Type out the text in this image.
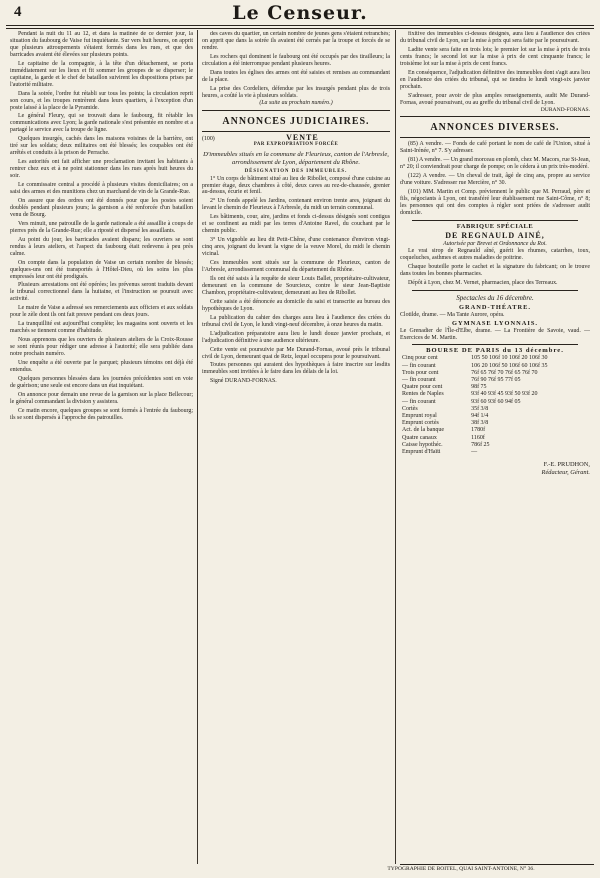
4	Le Censeur.

Pendant la nuit du 11 au 12, et dans la matinée de ce dernier jour, la situation du faubourg de Vaise fut inquiétante. Sur vers huit heures, on apprit que plusieurs attroupements s'étaient formés dans les rues, et que des barricades avaient été élevées sur plusieurs points.

Le capitaine de la compagnie, à la tête d'un détachement, se porta immédiatement sur les lieux et fit sommer les groupes de se disperser; le capitaine, la garde et le chef de bataillon suivirent les dispositions prises par l'autorité militaire.

Dans la soirée, l'ordre fut rétabli sur tous les points; la circulation reprit son cours, et les troupes rentrèrent dans leurs quartiers, à l'exception d'un poste laissé à la place de la Pyramide.

Le général Fleury, qui se trouvait dans le faubourg, fit rétablir les communications avec Lyon; la garde nationale s'est présentée en nombre et a partagé le service avec la troupe de ligne.

Quelques insurgés, cachés dans les maisons voisines de la barrière, ont tiré sur les soldats; deux militaires ont été blessés; les coupables ont été arrêtés et conduits à la prison de Perrache.

Les autorités ont fait afficher une proclamation invitant les habitants à rentrer chez eux et à ne point stationner dans les rues après huit heures du soir.

Le commissaire central a procédé à plusieurs visites domiciliaires; on a saisi des armes et des munitions chez un marchand de vin de la Grande-Rue.

On assure que des ordres ont été donnés pour que les postes soient doublés pendant plusieurs jours; la garnison a été renforcée d'un bataillon venu de Bourg.

Vers minuit, une patrouille de la garde nationale a été assaillie à coups de pierres près de la Grande-Rue; elle a riposté et dispersé les assaillants.

Au point du jour, les barricades avaient disparu; les ouvriers se sont rendus à leurs ateliers, et l'aspect du faubourg était redevenu à peu près calme.

On compte dans la population de Vaise un certain nombre de blessés; quelques-uns ont été transportés à l'Hôtel-Dieu, où les soins les plus empressés leur ont été prodigués.

Plusieurs arrestations ont été opérées; les prévenus seront traduits devant le tribunal correctionnel dans la huitaine, et l'instruction se poursuit avec activité.

Le maire de Vaise a adressé ses remerciements aux officiers et aux soldats pour le zèle dont ils ont fait preuve pendant ces deux jours.

La tranquillité est aujourd'hui complète; les magasins sont ouverts et les marchés se tiennent comme d'habitude.

Nous apprenons que les ouvriers de plusieurs ateliers de la Croix-Rousse se sont réunis pour rédiger une adresse à l'autorité; elle sera publiée dans notre prochain numéro.

Une enquête a été ouverte par le parquet; plusieurs témoins ont déjà été entendus.

Quelques personnes blessées dans les journées précédentes sont en voie de guérison; une seule est encore dans un état inquiétant.

On annonce pour demain une revue de la garnison sur la place Bellecour; le général commandant la division y assistera.

Ce matin encore, quelques groupes se sont formés à l'entrée du faubourg; ils se sont dispersés à l'approche des patrouilles.

des caves du quartier, un certain nombre de jeunes gens s'étaient retranchés; on apprit que dans la soirée ils avaient été cernés par la troupe et forcés de se rendre.

Les rochers qui dominent le faubourg ont été occupés par des tirailleurs; la circulation a été interrompue pendant plusieurs heures.

Dans toutes les églises des armes ont été saisies et remises au commandant de la place.

La prise des Cordeliers, défendue par les insurgés pendant plus de trois heures, a coûté la vie à plusieurs soldats.

(La suite au prochain numéro.)

ANNONCES JUDICIAIRES.
(100)	VENTE
PAR EXPROPRIATION FORCÉE
D'immeubles situés en la commune de Fleurieux, canton de l'Arbresle, arrondissement de Lyon, département du Rhône.
DÉSIGNATION DES IMMEUBLES.

1° Un corps de bâtiment situé au lieu de Ribollet, composé d'une cuisine au premier étage, deux chambres à côté, deux caves au rez-de-chaussée, grenier au-dessus, écurie et fenil.

2° Un fonds appelé les Jardins, contenant environ trente ares, joignant du levant le chemin de Fleurieux à l'Arbresle, du midi un terrain communal.

Les bâtiments, cour, aire, jardins et fonds ci-dessus désignés sont contigus et se confinent au midi par les terres d'Antoine Ravel, du couchant par le chemin public.

3° Un vignoble au lieu dit Petit-Chêne, d'une contenance d'environ vingt-cinq ares, joignant du levant la vigne de la veuve Morel, du midi le chemin vicinal.

Ces immeubles sont situés sur la commune de Fleurieux, canton de l'Arbresle, arrondissement communal du département du Rhône.

Ils ont été saisis à la requête de sieur Louis Ballet, propriétaire-cultivateur, demeurant en la commune de Sourcieux, contre le sieur Jean-Baptiste Chambon, propriétaire-cultivateur, demeurant au lieu de Ribollet.

Cette saisie a été dénoncée au domicile du saisi et transcrite au bureau des hypothèques de Lyon.

La publication du cahier des charges aura lieu à l'audience des criées du tribunal civil de Lyon, le lundi vingt-neuf décembre, à onze heures du matin.

L'adjudication préparatoire aura lieu le lundi douze janvier prochain, et l'adjudication définitive à une audience ultérieure.

Cette vente est poursuivie par Me Durand-Fornas, avoué près le tribunal civil de Lyon, demeurant quai de Retz, lequel occupera pour le poursuivant.

Toutes personnes qui auraient des hypothèques à faire inscrire sur lesdits immeubles sont invitées à le faire dans les délais de la loi.

Signé DURAND-FORNAS.

fixitive des immeubles ci-dessus désignés, aura lieu à l'audience des criées du tribunal civil de Lyon, sur la mise à prix qui sera faite par le poursuivant.

Ladite vente sera faite en trois lots; le premier lot sur la mise à prix de trois cents francs; le second lot sur la mise à prix de cent cinquante francs; le troisième lot sur la mise à prix de cent francs.

En conséquence, l'adjudication définitive des immeubles dont s'agit aura lieu en l'audience des criées du tribunal, qui se tiendra le lundi vingt-six janvier prochain.

S'adresser, pour avoir de plus amples renseignements, audit Me Durand-Fornas, avoué poursuivant, ou au greffe du tribunal civil de Lyon.

DURAND-FORNAS.
ANNONCES DIVERSES.

(85) A vendre. — Fonds de café portant le nom de café de l'Union, situé à Saint-Irénée, n° 7. S'y adresser.

(81) A vendre. — Un grand morceau en plomb, chez M. Macors, rue St-Jean, n° 20; il conviendrait pour charge de pompe; on le cédera à un prix très-modéré.

(122) A vendre. — Un cheval de trait, âgé de cinq ans, propre au service d'une voiture. S'adresser rue Mercière, n° 30.

(101) MM. Martin et Comp. préviennent le public que M. Perraud, père et fils, négociants à Lyon, ont transféré leur établissement rue Saint-Côme, n° 8; les personnes qui ont des comptes à régler sont priées de s'adresser audit domicile.

FABRIQUE SPÉCIALE
DE REGNAULD AINÉ,
Autorisée par Brevet et Ordonnance du Roi.

Le vrai sirop de Regnauld aîné, guérit les rhumes, catarrhes, toux, coqueluches, asthmes et autres maladies de poitrine.

Chaque bouteille porte le cachet et la signature du fabricant; on le trouve dans toutes les bonnes pharmacies.

Dépôt à Lyon, chez M. Vernet, pharmacien, place des Terreaux.

Spectacles du 16 décembre.
GRAND-THÉATRE.

Clotilde, drame. — Ma Tante Aurore, opéra.

GYMNASE LYONNAIS.

Le Grenadier de l'Île-d'Elbe, drame. — La Frontière de Savoie, vaud. — Exercices de M. Martin.

BOURSE DE PARIS du 13 décembre.
Cinq pour cent	105 50 106f 10 106f 20 106f 30
— fin courant	106 20 106f 50 106f 60 106f 35
Trois pour cent	76f 65 76f 70 76f 65 76f 70
— fin courant	76f 90 76f 95 77f 05
Quatre pour cent	98f 75
Rentes de Naples	93f 40 93f 45 93f 50 93f 20
— fin courant	93f 60 93f 60 94f 05
Cortès	35f 3/8
Emprunt royal	94f 1/4
Emprunt cortès	38f 3/8
Act. de la banque	1780f
Quatre canaux	1160f
Caisse hypothéc.	786f 25
Emprunt d'Haïti	—
F.-E. PRUDHON,
Rédacteur, Gérant.
TYPOGRAPHIE DE BOITEL, QUAI SAINT-ANTOINE, N° 36.
